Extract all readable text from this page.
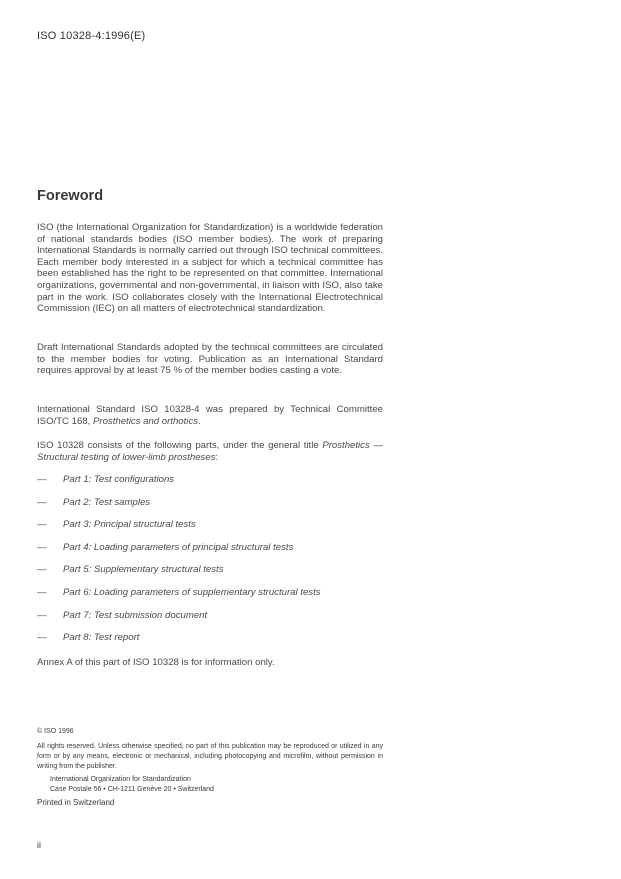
ISO 10328-4:1996(E)
Foreword

ISO (the International Organization for Standardization) is a worldwide federation of national standards bodies (ISO member bodies). The work of preparing International Standards is normally carried out through ISO technical committees. Each member body interested in a subject for which a technical committee has been established has the right to be represented on that committee. International organizations, governmental and non-governmental, in liaison with ISO, also take part in the work. ISO collaborates closely with the International Electrotechnical Commission (IEC) on all matters of electrotechnical standardization.

Draft International Standards adopted by the technical committees are circulated to the member bodies for voting. Publication as an International Standard requires approval by at least 75 % of the member bodies casting a vote.

International Standard ISO 10328-4 was prepared by Technical Committee ISO/TC 168, Prosthetics and orthotics.

ISO 10328 consists of the following parts, under the general title Prosthetics — Structural testing of lower-limb prostheses:

—	Part 1: Test configurations
—	Part 2: Test samples
—	Part 3: Principal structural tests
—	Part 4: Loading parameters of principal structural tests
—	Part 5: Supplementary structural tests
—	Part 6: Loading parameters of supplementary structural tests
—	Part 7: Test submission document
—	Part 8: Test report

Annex A of this part of ISO 10328 is for information only.

© ISO 1996

All rights reserved. Unless otherwise specified, no part of this publication may be reproduced or utilized in any form or by any means, electronic or mechanical, including photocopying and microfilm, without permission in writing from the publisher.

International Organization for Standardization
Case Postale 56 • CH-1211 Genève 20 • Switzerland

Printed in Switzerland

ii
